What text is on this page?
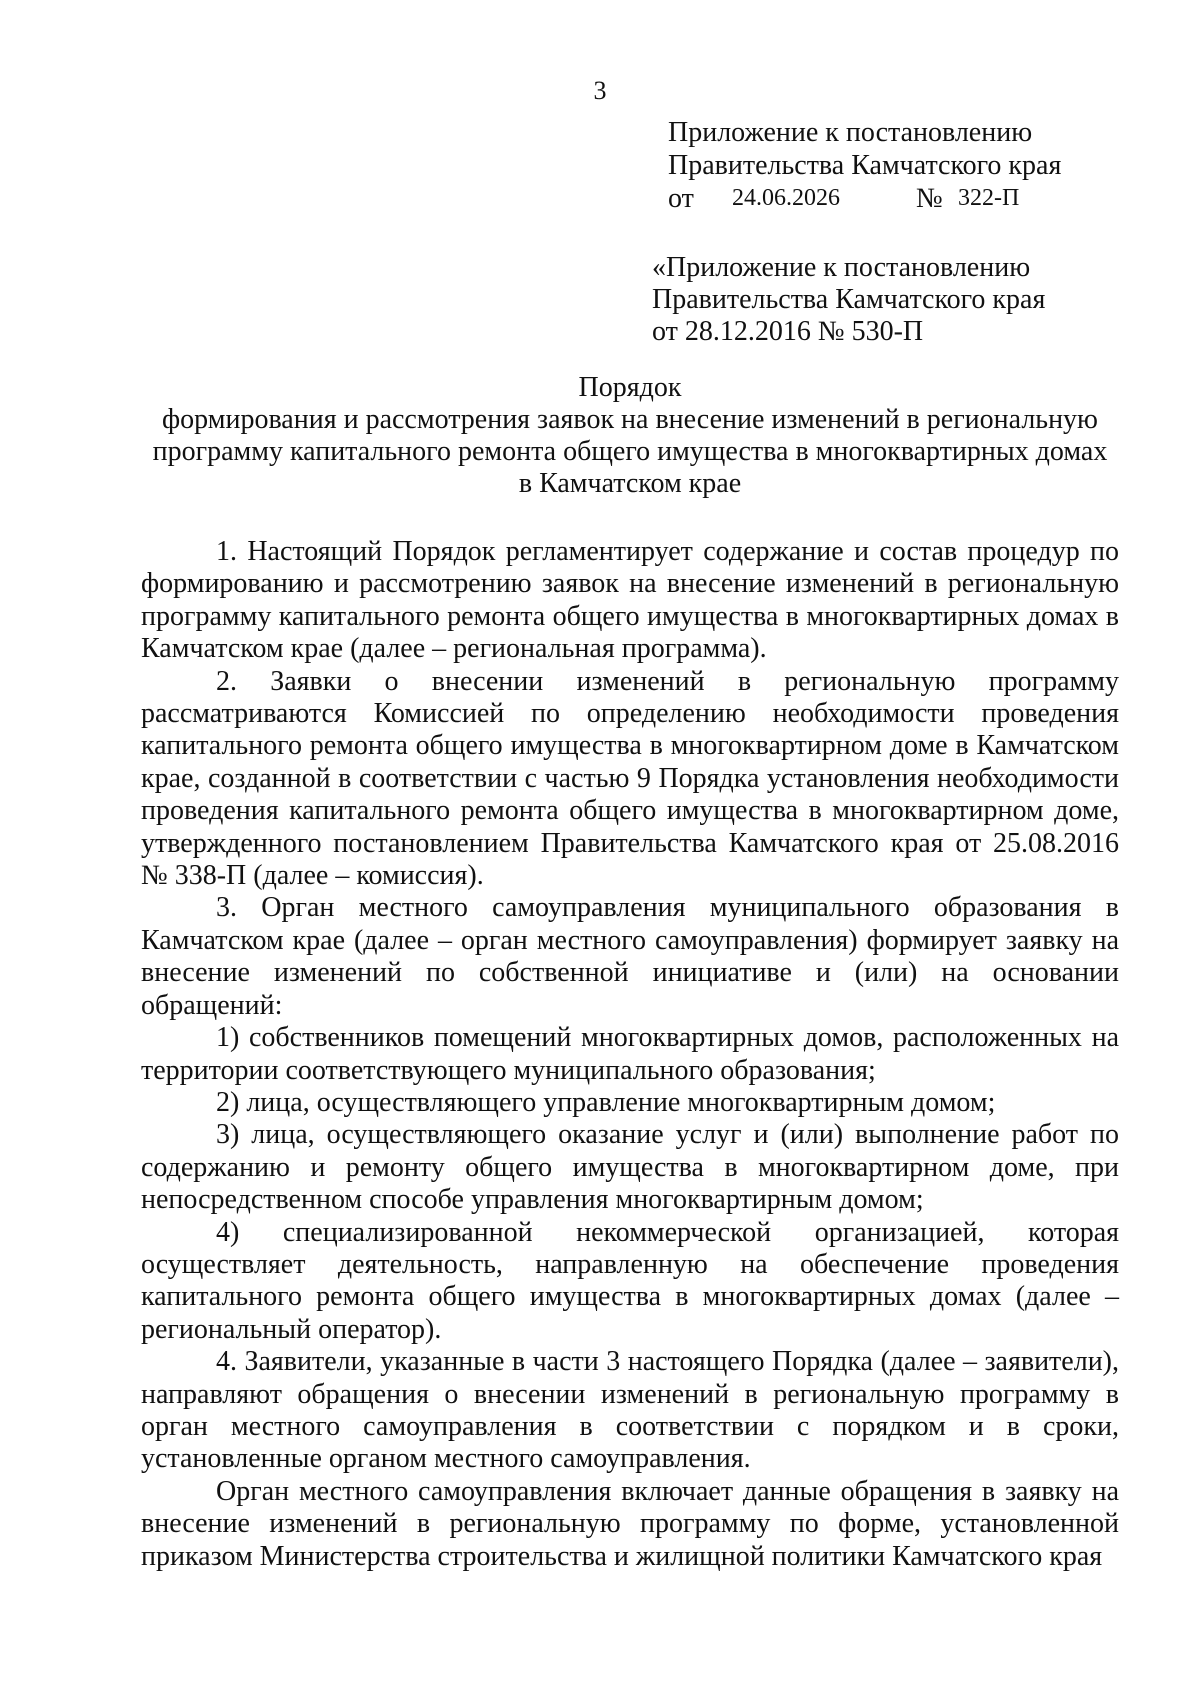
3
Приложение к постановлению
Правительства Камчатского края
от 24.06.2026	№ 322-П
«Приложение к постановлению
Правительства Камчатского края
от 28.12.2016 № 530-П
Порядок
формирования и рассмотрения заявок на внесение изменений в региональную
программу капитального ремонта общего имущества в многоквартирных домах
в Камчатском крае

1. Настоящий Порядок регламентирует содержание и состав процедур по формированию и рассмотрению заявок на внесение изменений в региональную программу капитального ремонта общего имущества в многоквартирных домах в Камчатском крае (далее – региональная программа).

2. Заявки о внесении изменений в региональную программу рассматриваются Комиссией по определению необходимости проведения капитального ремонта общего имущества в многоквартирном доме в Камчатском крае, созданной в соответствии с частью 9 Порядка установления необходимости проведения капитального ремонта общего имущества в многоквартирном доме, утвержденного постановлением Правительства Камчатского края от 25.08.2016 № 338-П (далее – комиссия).

3. Орган местного самоуправления муниципального образования в Камчатском крае (далее – орган местного самоуправления) формирует заявку на внесение изменений по собственной инициативе и (или) на основании обращений:

1) собственников помещений многоквартирных домов, расположенных на территории соответствующего муниципального образования;

2) лица, осуществляющего управление многоквартирным домом;

3) лица, осуществляющего оказание услуг и (или) выполнение работ по содержанию и ремонту общего имущества в многоквартирном доме, при непосредственном способе управления многоквартирным домом;

4) специализированной некоммерческой организацией, которая осуществляет деятельность, направленную на обеспечение проведения капитального ремонта общего имущества в многоквартирных домах (далее – региональный оператор).

4. Заявители, указанные в части 3 настоящего Порядка (далее – заявители), направляют обращения о внесении изменений в региональную программу в орган местного самоуправления в соответствии с порядком и в сроки, установленные органом местного самоуправления.

Орган местного самоуправления включает данные обращения в заявку на внесение изменений в региональную программу по форме, установленной приказом Министерства строительства и жилищной политики Камчатского края
